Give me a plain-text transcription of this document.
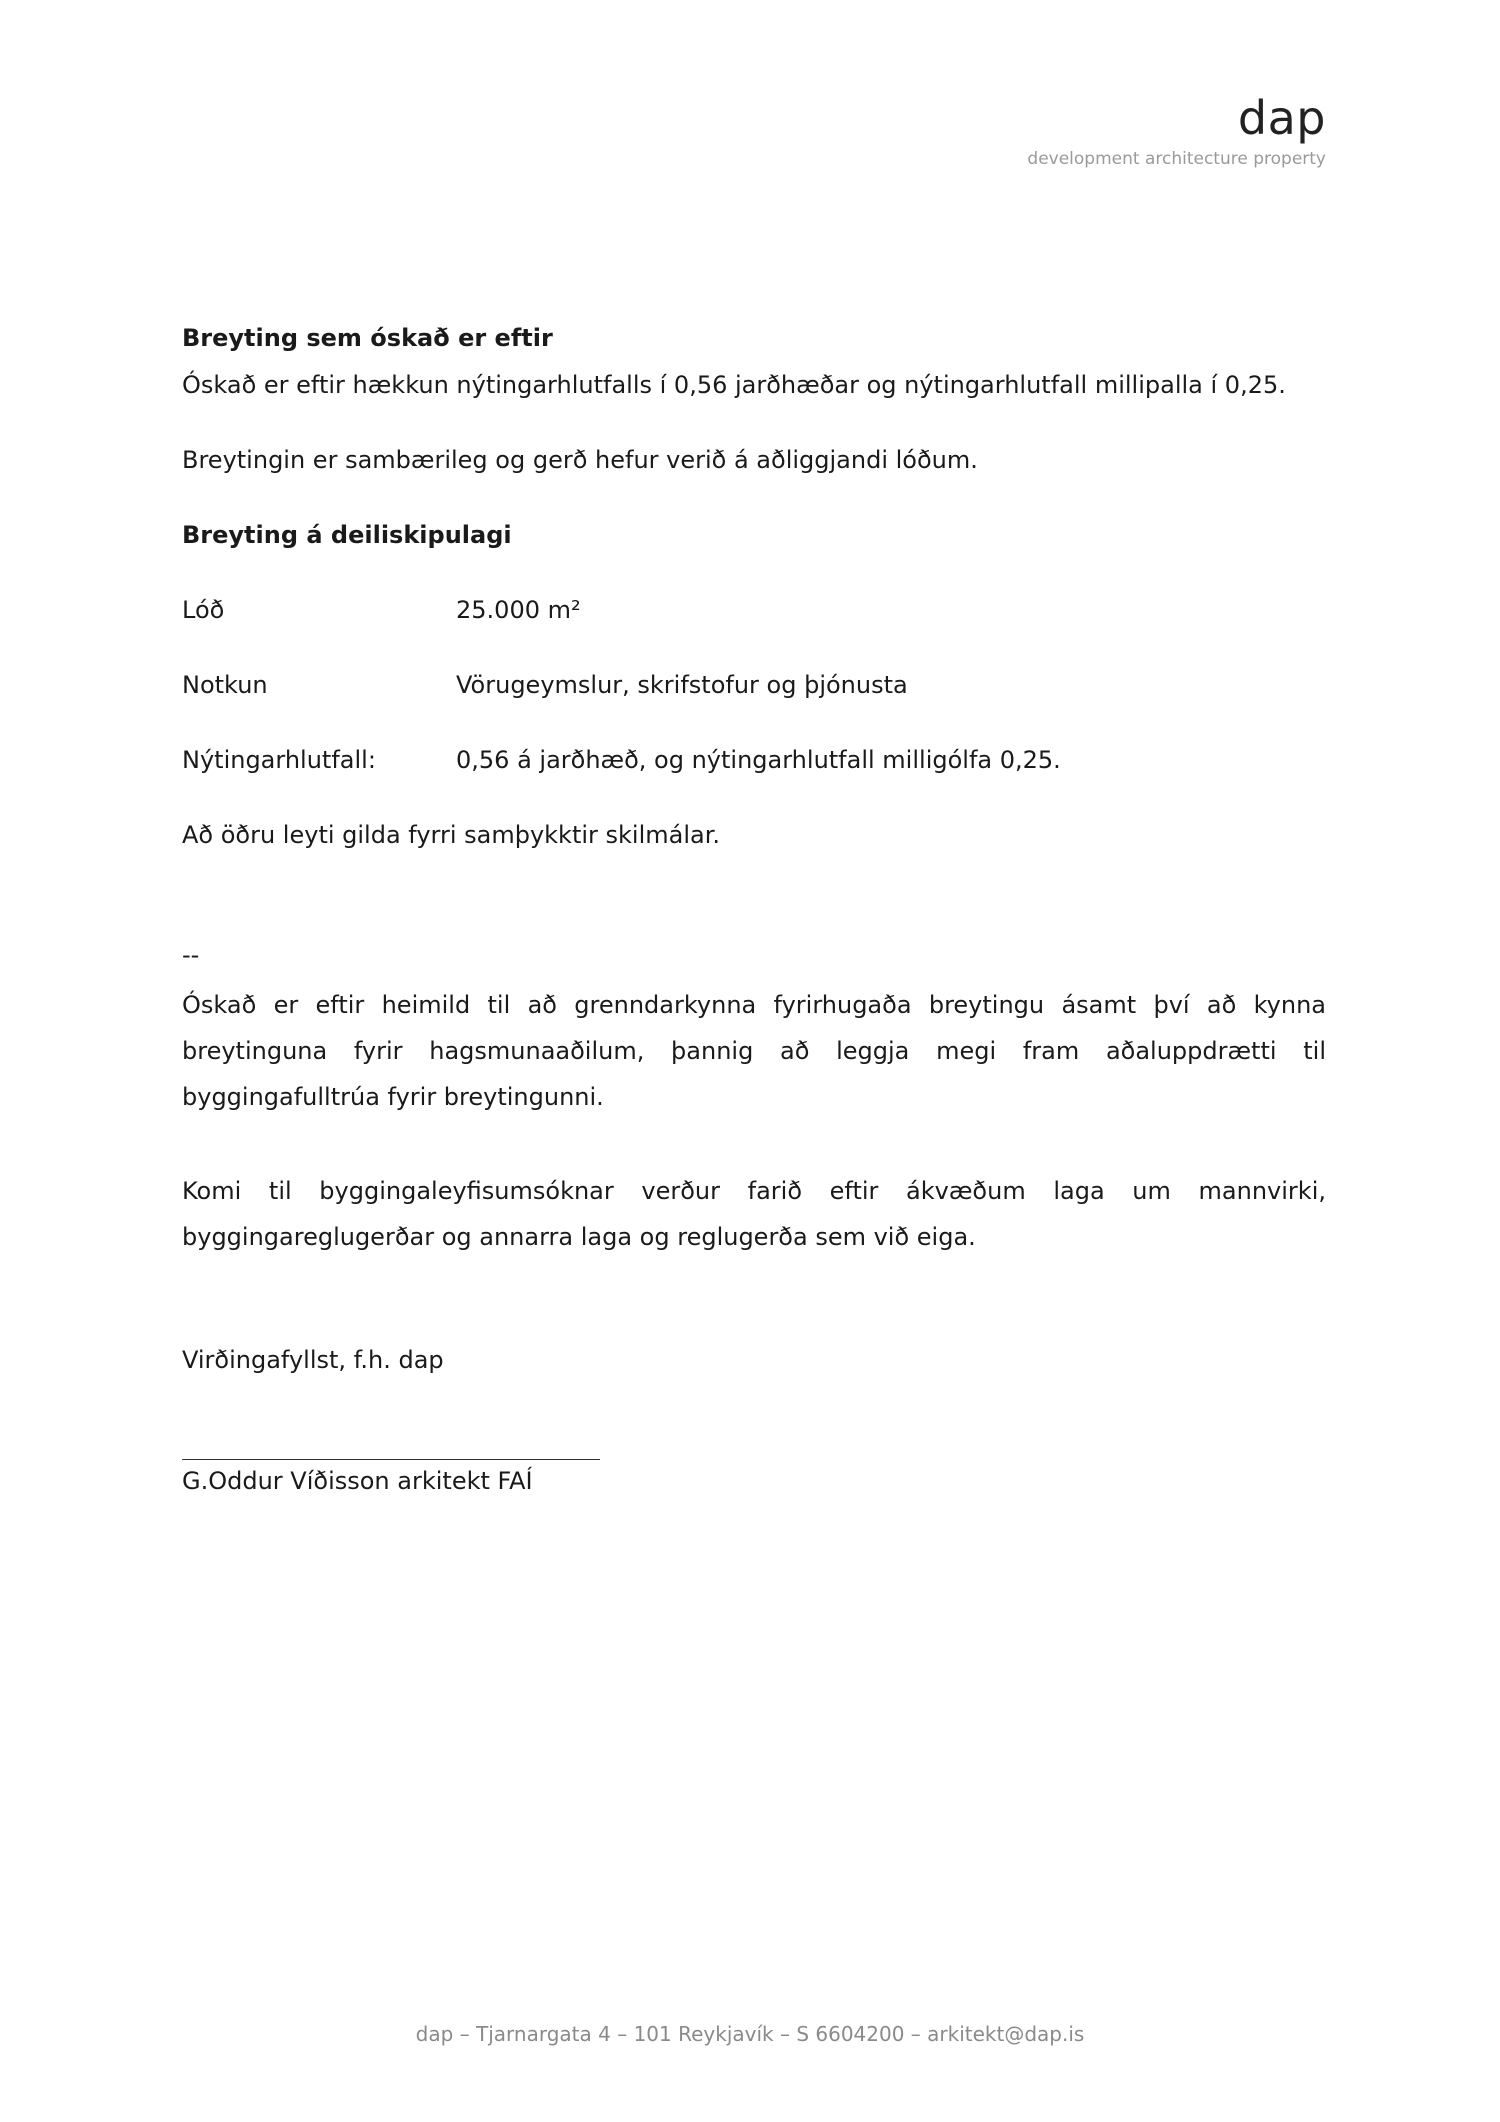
dap
development architecture property
Breyting sem óskað er eftir
Óskað er eftir hækkun nýtingarhlutfalls í 0,56 jarðhæðar og nýtingarhlutfall millipalla í 0,25.
Breytingin er sambærileg og gerð hefur verið á aðliggjandi lóðum.
Breyting á deiliskipulagi
Lóð	25.000 m²
Notkun	Vörugeymslur, skrifstofur og þjónusta
Nýtingarhlutfall:	0,56 á jarðhæð, og nýtingarhlutfall milligólfa 0,25.
Að öðru leyti gilda fyrri samþykktir skilmálar.
--
Óskað er eftir heimild til að grenndarkynna fyrirhugaða breytingu ásamt því að kynna breytinguna fyrir hagsmunaaðilum, þannig að leggja megi fram aðaluppdrætti til byggingafulltrúa fyrir breytingunni.
Komi til byggingaleyfisumsóknar verður farið eftir ákvæðum laga um mannvirki, byggingareglugerðar og annarra laga og reglugerða sem við eiga.
Virðingafyllst, f.h. dap
G.Oddur Víðisson arkitekt FAÍ
dap – Tjarnargata 4 – 101 Reykjavík – S 6604200 – arkitekt@dap.is
